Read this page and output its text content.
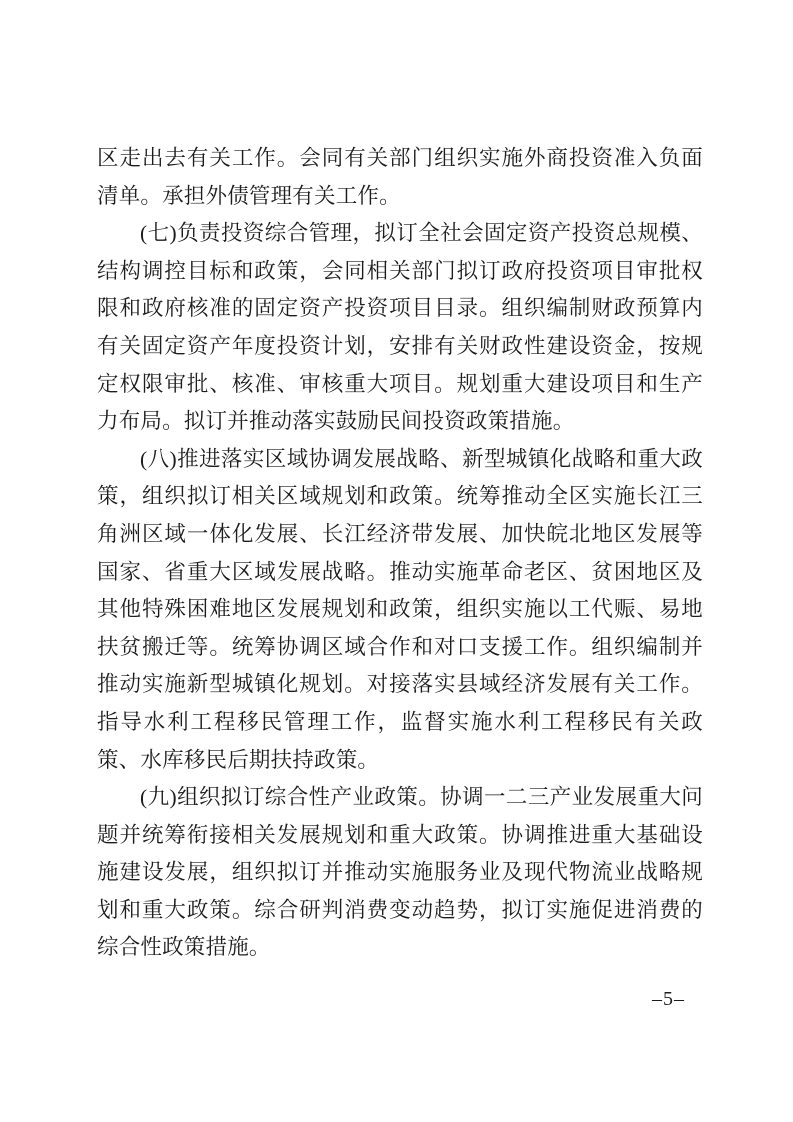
区走出去有关工作。会同有关部门组织实施外商投资准入负面清单。承担外债管理有关工作。

(七)负责投资综合管理，拟订全社会固定资产投资总规模、结构调控目标和政策，会同相关部门拟订政府投资项目审批权限和政府核准的固定资产投资项目目录。组织编制财政预算内有关固定资产年度投资计划，安排有关财政性建设资金，按规定权限审批、核准、审核重大项目。规划重大建设项目和生产力布局。拟订并推动落实鼓励民间投资政策措施。

(八)推进落实区域协调发展战略、新型城镇化战略和重大政策，组织拟订相关区域规划和政策。统筹推动全区实施长江三角洲区域一体化发展、长江经济带发展、加快皖北地区发展等国家、省重大区域发展战略。推动实施革命老区、贫困地区及其他特殊困难地区发展规划和政策，组织实施以工代赈、易地扶贫搬迁等。统筹协调区域合作和对口支援工作。组织编制并推动实施新型城镇化规划。对接落实县域经济发展有关工作。指导水利工程移民管理工作，监督实施水利工程移民有关政策、水库移民后期扶持政策。

(九)组织拟订综合性产业政策。协调一二三产业发展重大问题并统筹衔接相关发展规划和重大政策。协调推进重大基础设施建设发展，组织拟订并推动实施服务业及现代物流业战略规划和重大政策。综合研判消费变动趋势，拟订实施促进消费的综合性政策措施。

–5–
